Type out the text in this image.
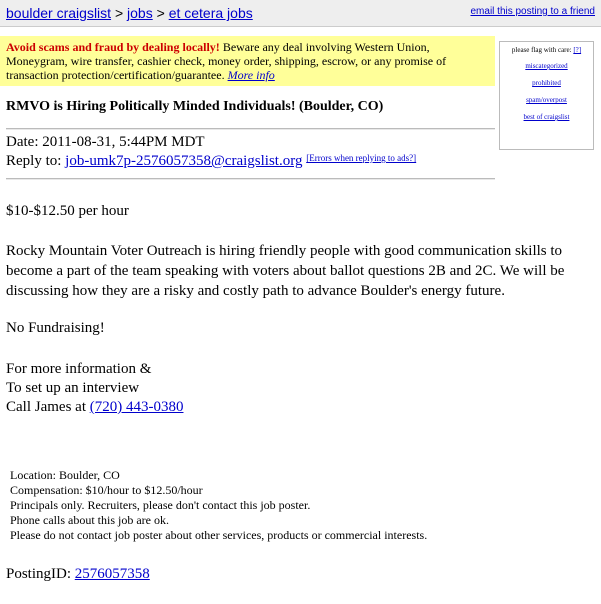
boulder craigslist > jobs > et cetera jobs	email this posting to a friend
Avoid scams and fraud by dealing locally! Beware any deal involving Western Union, Moneygram, wire transfer, cashier check, money order, shipping, escrow, or any promise of transaction protection/certification/guarantee. More info
please flag with care: [?]
miscategorized
prohibited
spam/overpost
best of craigslist
RMVO is Hiring Politically Minded Individuals! (Boulder, CO)
Date: 2011-08-31, 5:44PM MDT
Reply to: job-umk7p-2576057358@craigslist.org [Errors when replying to ads?]
$10-$12.50 per hour
Rocky Mountain Voter Outreach is hiring friendly people with good communication skills to become a part of the team speaking with voters about ballot questions 2B and 2C. We will be discussing how they are a risky and costly path to advance Boulder's energy future.
No Fundraising!
For more information &
To set up an interview
Call James at (720) 443-0380
• Location: Boulder, CO
• Compensation: $10/hour to $12.50/hour
• Principals only. Recruiters, please don't contact this job poster.
• Phone calls about this job are ok.
• Please do not contact job poster about other services, products or commercial interests.
PostingID: 2576057358
